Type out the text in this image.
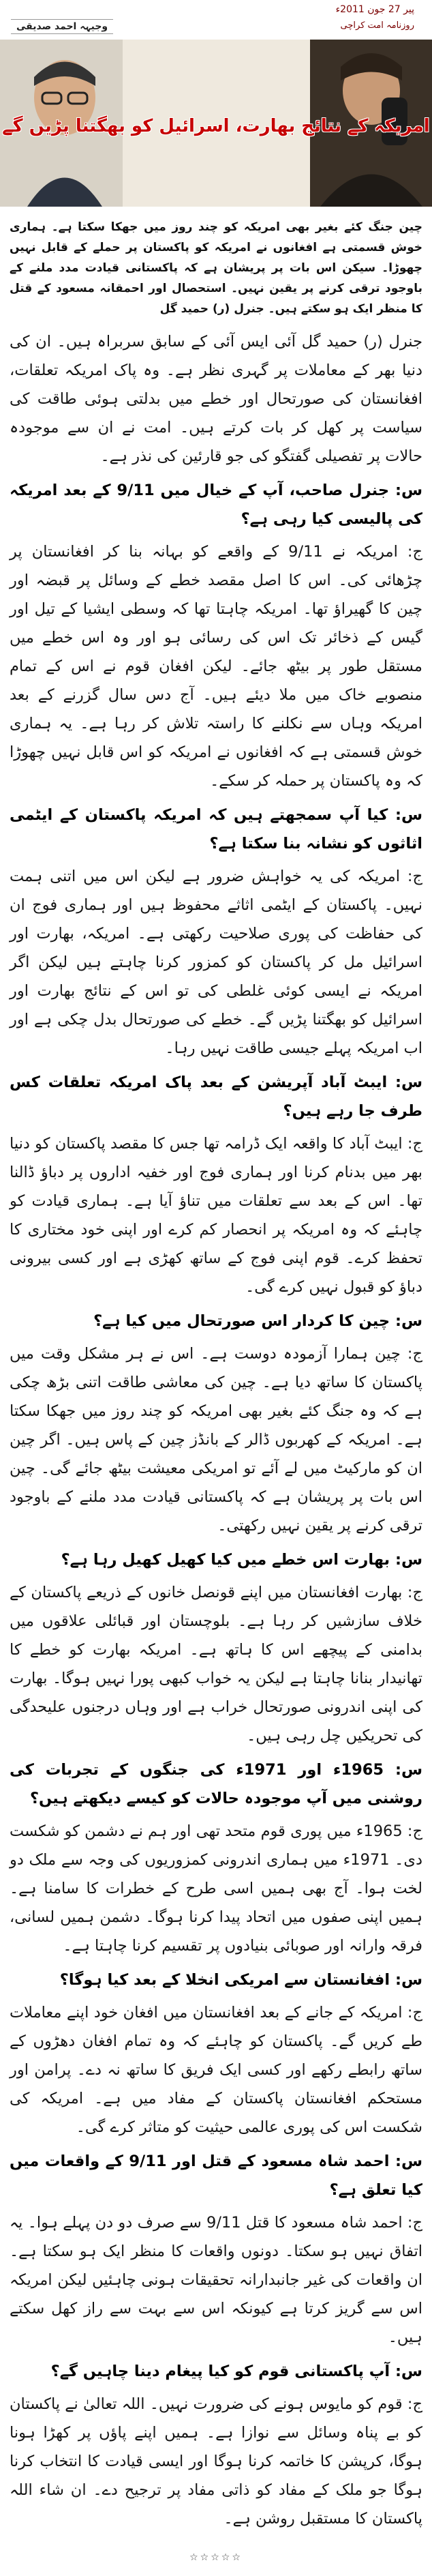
پیر 27 جون 2011ء
روزنامہ امت کراچی
وجیہہ احمد صدیقی
امریکہ کے نتائج بھارت، اسرائیل کو بھگتنا پڑیں گے

چین جنگ کئے بغیر بھی امریکہ کو چند روز میں جھکا سکتا ہے۔ ہماری خوش قسمتی ہے افغانوں نے امریکہ کو پاکستان پر حملے کے قابل نہیں چھوڑا۔ سیکن اس بات پر پریشان ہے کہ پاکستانی قیادت مدد ملنے کے باوجود ترقی کرنے پر یقین نہیں۔ استحصال اور احمقانہ مسعود کے قتل کا منظر ایک ہو سکتے ہیں۔ جنرل (ر) حمید گل

جنرل (ر) حمید گل آئی ایس آئی کے سابق سربراہ ہیں۔ ان کی دنیا بھر کے معاملات پر گہری نظر ہے۔ وہ پاک امریکہ تعلقات، افغانستان کی صورتحال اور خطے میں بدلتی ہوئی طاقت کی سیاست پر کھل کر بات کرتے ہیں۔ امت نے ان سے موجودہ حالات پر تفصیلی گفتگو کی جو قارئین کی نذر ہے۔

س: جنرل صاحب، آپ کے خیال میں 9/11 کے بعد امریکہ کی پالیسی کیا رہی ہے؟

ج: امریکہ نے 9/11 کے واقعے کو بہانہ بنا کر افغانستان پر چڑھائی کی۔ اس کا اصل مقصد خطے کے وسائل پر قبضہ اور چین کا گھیراؤ تھا۔ امریکہ چاہتا تھا کہ وسطی ایشیا کے تیل اور گیس کے ذخائر تک اس کی رسائی ہو اور وہ اس خطے میں مستقل طور پر بیٹھ جائے۔ لیکن افغان قوم نے اس کے تمام منصوبے خاک میں ملا دیئے ہیں۔ آج دس سال گزرنے کے بعد امریکہ وہاں سے نکلنے کا راستہ تلاش کر رہا ہے۔ یہ ہماری خوش قسمتی ہے کہ افغانوں نے امریکہ کو اس قابل نہیں چھوڑا کہ وہ پاکستان پر حملہ کر سکے۔

س: کیا آپ سمجھتے ہیں کہ امریکہ پاکستان کے ایٹمی اثاثوں کو نشانہ بنا سکتا ہے؟

ج: امریکہ کی یہ خواہش ضرور ہے لیکن اس میں اتنی ہمت نہیں۔ پاکستان کے ایٹمی اثاثے محفوظ ہیں اور ہماری فوج ان کی حفاظت کی پوری صلاحیت رکھتی ہے۔ امریکہ، بھارت اور اسرائیل مل کر پاکستان کو کمزور کرنا چاہتے ہیں لیکن اگر امریکہ نے ایسی کوئی غلطی کی تو اس کے نتائج بھارت اور اسرائیل کو بھگتنا پڑیں گے۔ خطے کی صورتحال بدل چکی ہے اور اب امریکہ پہلے جیسی طاقت نہیں رہا۔

س: ایبٹ آباد آپریشن کے بعد پاک امریکہ تعلقات کس طرف جا رہے ہیں؟

ج: ایبٹ آباد کا واقعہ ایک ڈرامہ تھا جس کا مقصد پاکستان کو دنیا بھر میں بدنام کرنا اور ہماری فوج اور خفیہ اداروں پر دباؤ ڈالنا تھا۔ اس کے بعد سے تعلقات میں تناؤ آیا ہے۔ ہماری قیادت کو چاہئے کہ وہ امریکہ پر انحصار کم کرے اور اپنی خود مختاری کا تحفظ کرے۔ قوم اپنی فوج کے ساتھ کھڑی ہے اور کسی بیرونی دباؤ کو قبول نہیں کرے گی۔

س: چین کا کردار اس صورتحال میں کیا ہے؟

ج: چین ہمارا آزمودہ دوست ہے۔ اس نے ہر مشکل وقت میں پاکستان کا ساتھ دیا ہے۔ چین کی معاشی طاقت اتنی بڑھ چکی ہے کہ وہ جنگ کئے بغیر بھی امریکہ کو چند روز میں جھکا سکتا ہے۔ امریکہ کے کھربوں ڈالر کے بانڈز چین کے پاس ہیں۔ اگر چین ان کو مارکیٹ میں لے آئے تو امریکی معیشت بیٹھ جائے گی۔ چین اس بات پر پریشان ہے کہ پاکستانی قیادت مدد ملنے کے باوجود ترقی کرنے پر یقین نہیں رکھتی۔

س: بھارت اس خطے میں کیا کھیل کھیل رہا ہے؟

ج: بھارت افغانستان میں اپنے قونصل خانوں کے ذریعے پاکستان کے خلاف سازشیں کر رہا ہے۔ بلوچستان اور قبائلی علاقوں میں بدامنی کے پیچھے اس کا ہاتھ ہے۔ امریکہ بھارت کو خطے کا تھانیدار بنانا چاہتا ہے لیکن یہ خواب کبھی پورا نہیں ہوگا۔ بھارت کی اپنی اندرونی صورتحال خراب ہے اور وہاں درجنوں علیحدگی کی تحریکیں چل رہی ہیں۔

س: 1965ء اور 1971ء کی جنگوں کے تجربات کی روشنی میں آپ موجودہ حالات کو کیسے دیکھتے ہیں؟

ج: 1965ء میں پوری قوم متحد تھی اور ہم نے دشمن کو شکست دی۔ 1971ء میں ہماری اندرونی کمزوریوں کی وجہ سے ملک دو لخت ہوا۔ آج بھی ہمیں اسی طرح کے خطرات کا سامنا ہے۔ ہمیں اپنی صفوں میں اتحاد پیدا کرنا ہوگا۔ دشمن ہمیں لسانی، فرقہ وارانہ اور صوبائی بنیادوں پر تقسیم کرنا چاہتا ہے۔

س: افغانستان سے امریکی انخلا کے بعد کیا ہوگا؟

ج: امریکہ کے جانے کے بعد افغانستان میں افغان خود اپنے معاملات طے کریں گے۔ پاکستان کو چاہئے کہ وہ تمام افغان دھڑوں کے ساتھ رابطے رکھے اور کسی ایک فریق کا ساتھ نہ دے۔ پرامن اور مستحکم افغانستان پاکستان کے مفاد میں ہے۔ امریکہ کی شکست اس کی پوری عالمی حیثیت کو متاثر کرے گی۔

س: احمد شاہ مسعود کے قتل اور 9/11 کے واقعات میں کیا تعلق ہے؟

ج: احمد شاہ مسعود کا قتل 9/11 سے صرف دو دن پہلے ہوا۔ یہ اتفاق نہیں ہو سکتا۔ دونوں واقعات کا منظر ایک ہو سکتا ہے۔ ان واقعات کی غیر جانبدارانہ تحقیقات ہونی چاہئیں لیکن امریکہ اس سے گریز کرتا ہے کیونکہ اس سے بہت سے راز کھل سکتے ہیں۔

س: آپ پاکستانی قوم کو کیا پیغام دینا چاہیں گے؟

ج: قوم کو مایوس ہونے کی ضرورت نہیں۔ اللہ تعالیٰ نے پاکستان کو بے پناہ وسائل سے نوازا ہے۔ ہمیں اپنے پاؤں پر کھڑا ہونا ہوگا، کرپشن کا خاتمہ کرنا ہوگا اور ایسی قیادت کا انتخاب کرنا ہوگا جو ملک کے مفاد کو ذاتی مفاد پر ترجیح دے۔ ان شاء اللہ پاکستان کا مستقبل روشن ہے۔

☆☆☆☆☆
